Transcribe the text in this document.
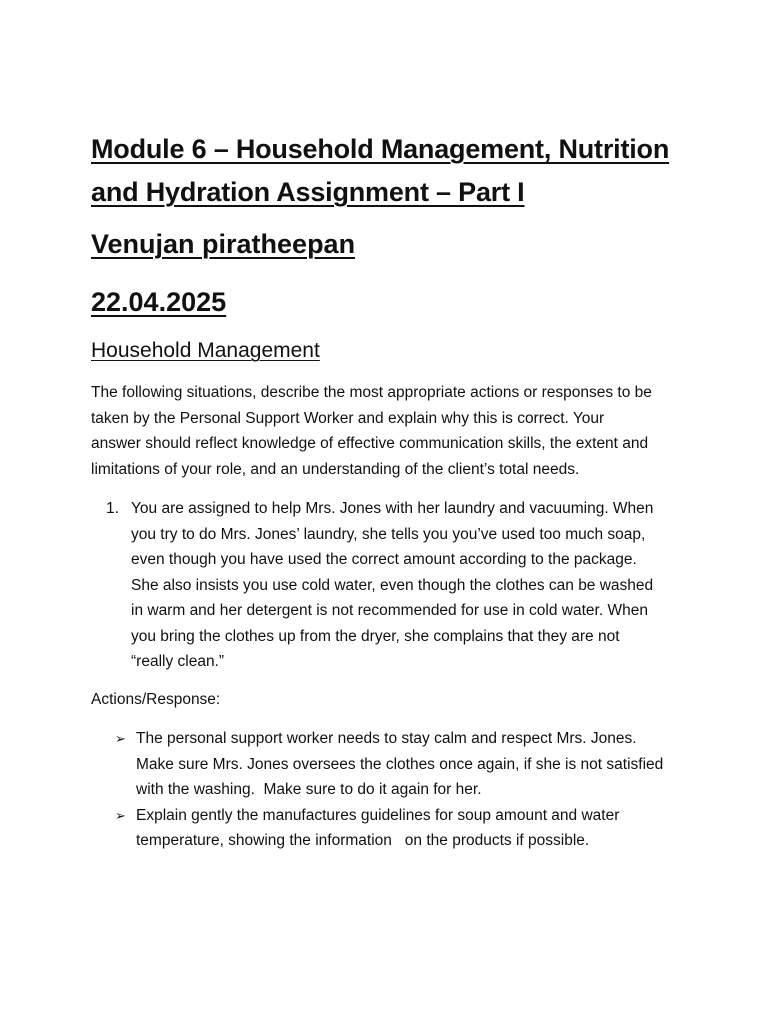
Module 6 – Household Management, Nutrition
and Hydration Assignment – Part I
Venujan piratheepan
22.04.2025
Household Management

The following situations, describe the most appropriate actions or responses to be
taken by the Personal Support Worker and explain why this is correct. Your
answer should reflect knowledge of effective communication skills, the extent and
limitations of your role, and an understanding of the client’s total needs.

1. You are assigned to help Mrs. Jones with her laundry and vacuuming. When
you try to do Mrs. Jones’ laundry, she tells you you’ve used too much soap,
even though you have used the correct amount according to the package.
She also insists you use cold water, even though the clothes can be washed
in warm and her detergent is not recommended for use in cold water. When
you bring the clothes up from the dryer, she complains that they are not
“really clean.”

Actions/Response:

➢ The personal support worker needs to stay calm and respect Mrs. Jones.
Make sure Mrs. Jones oversees the clothes once again, if she is not satisfied
with the washing.  Make sure to do it again for her.
➢ Explain gently the manufactures guidelines for soup amount and water
temperature, showing the information   on the products if possible.
